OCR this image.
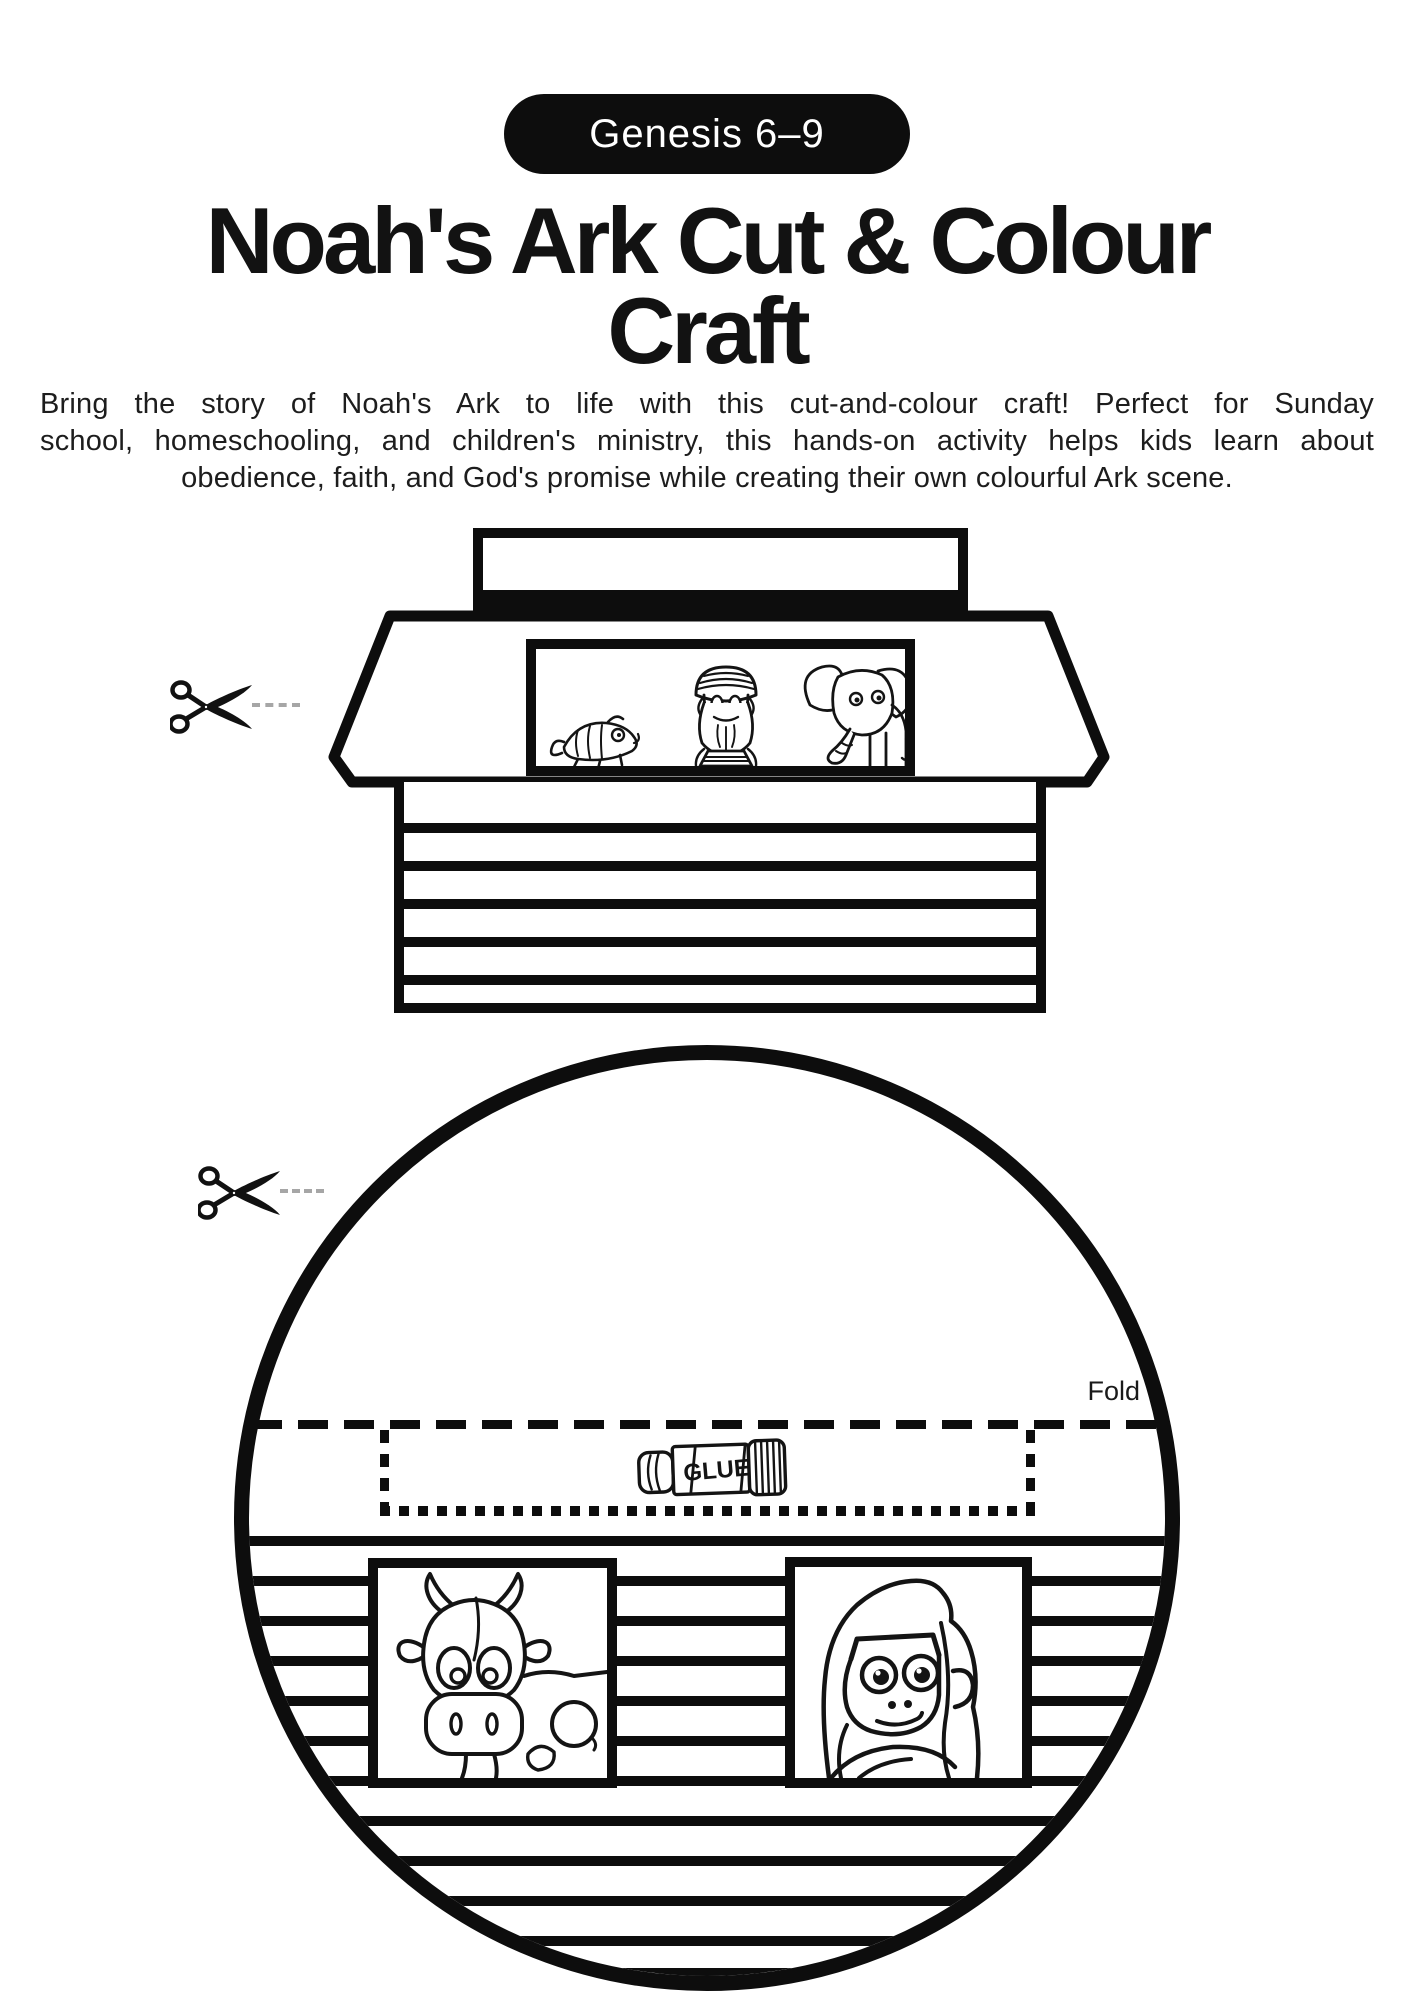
Genesis 6–9
Noah's Ark Cut & Colour
Craft
Bring the story of Noah's Ark to life with this cut-and-colour craft! Perfect for Sunday
school, homeschooling, and children's ministry, this hands-on activity helps kids learn about
obedience, faith, and God's promise while creating their own colourful Ark scene.
Fold
GLUE
